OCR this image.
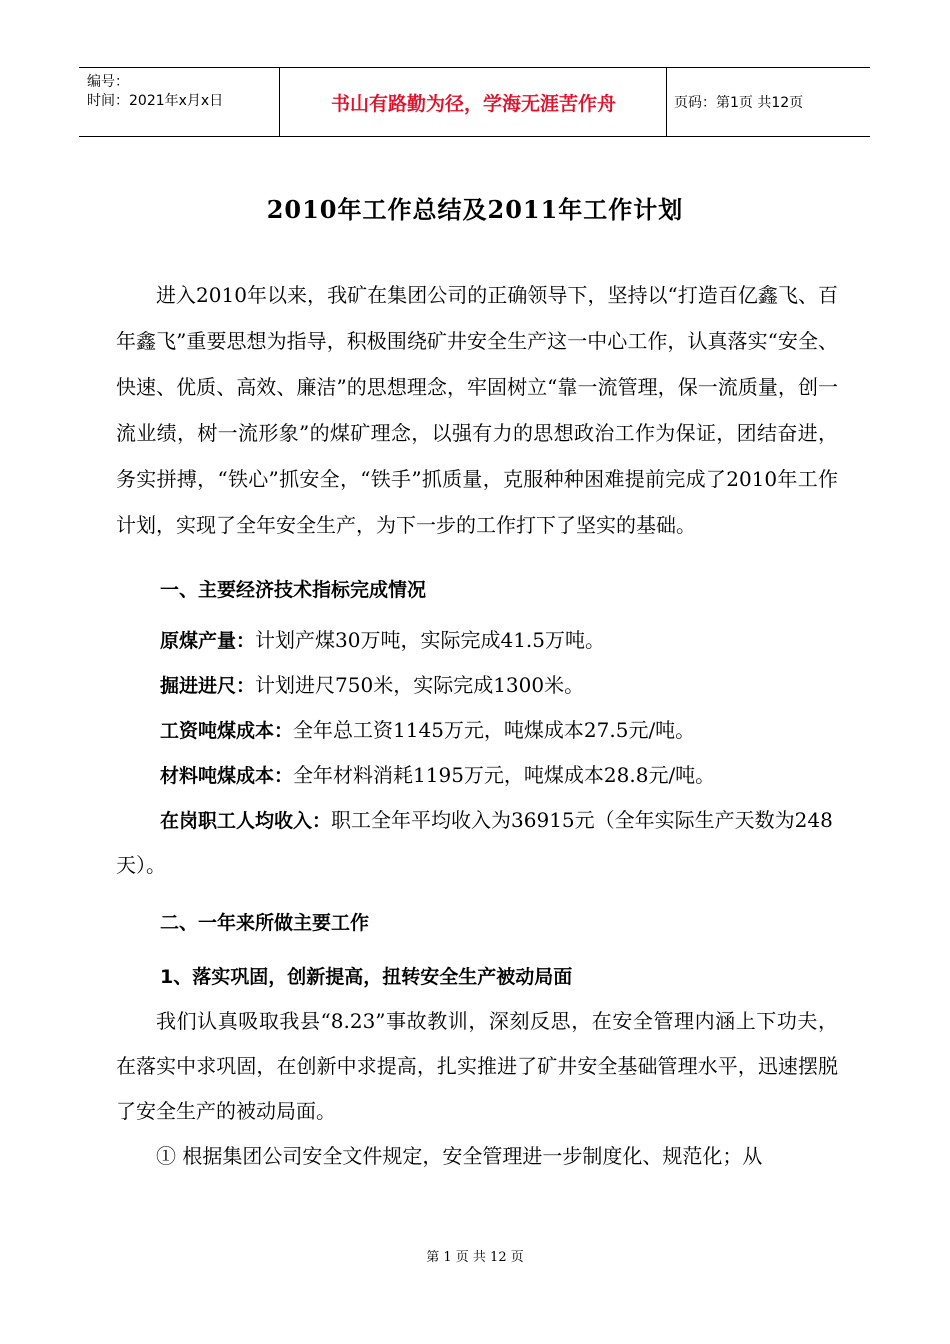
编号：
时间：2021年x月x日	书山有路勤为径，学海无涯苦作舟	页码：第1页 共12页
2010年工作总结及2011年工作计划

进入2010年以来，我矿在集团公司的正确领导下，坚持以“打造百亿鑫飞、百年鑫飞”重要思想为指导，积极围绕矿井安全生产这一中心工作，认真落实“安全、快速、优质、高效、廉洁”的思想理念，牢固树立“靠一流管理，保一流质量，创一流业绩，树一流形象”的煤矿理念，以强有力的思想政治工作为保证，团结奋进，务实拼搏，“铁心”抓安全，“铁手”抓质量，克服种种困难提前完成了2010年工作计划，实现了全年安全生产，为下一步的工作打下了坚实的基础。

一、主要经济技术指标完成情况

原煤产量：计划产煤30万吨，实际完成41.5万吨。

掘进进尺：计划进尺750米，实际完成1300米。

工资吨煤成本：全年总工资1145万元，吨煤成本27.5元/吨。

材料吨煤成本：全年材料消耗1195万元，吨煤成本28.8元/吨。

在岗职工人均收入：职工全年平均收入为36915元（全年实际生产天数为248天）。

二、一年来所做主要工作

1、落实巩固，创新提高，扭转安全生产被动局面

我们认真吸取我县“8.23”事故教训，深刻反思，在安全管理内涵上下功夫，在落实中求巩固，在创新中求提高，扎实推进了矿井安全基础管理水平，迅速摆脱了安全生产的被动局面。

① 根据集团公司安全文件规定，安全管理进一步制度化、规范化；从

第 1 页 共 12 页
